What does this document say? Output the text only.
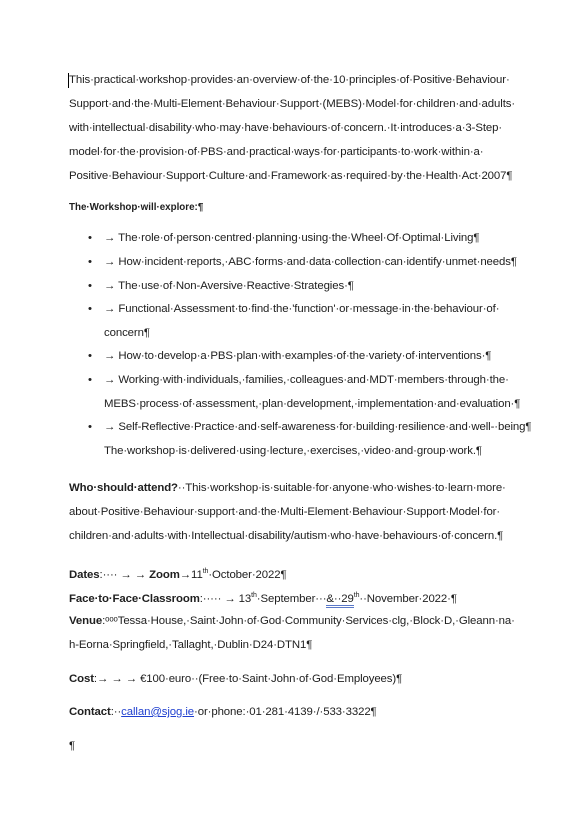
This·practical·workshop·provides·an·overview·of·the·10·principles·of·Positive·Behaviour·
Support·and·the·Multi-Element·Behaviour·Support·(MEBS)·Model·for·children·and·adults·
with·intellectual·disability·who·may·have·behaviours·of·concern.·It·introduces·a·3-Step·
model·for·the·provision·of·PBS·and·practical·ways·for·participants·to·work·within·a·
Positive·Behaviour·Support·Culture·and·Framework·as·required·by·the·Health·Act·2007¶
The·Workshop·will·explore:¶
• → The·role·of·person·centred·planning·using·the·Wheel·Of·Optimal·Living¶
• → How·incident·reports,·ABC·forms·and·data·collection·can·identify·unmet·needs¶
• → The·use·of·Non-Aversive·Reactive·Strategies·¶
• → Functional·Assessment·to·find·the·'function'·or·message·in·the·behaviour·of·
concern¶
• → How·to·develop·a·PBS·plan·with·examples·of·the·variety·of·interventions·¶
• → Working·with·individuals,·families,·colleagues·and·MDT·members·through·the·
MEBS·process·of·assessment,·plan·development,·implementation·and·evaluation·¶
• → Self-Reflective·Practice·and·self-awareness·for·building·resilience·and·well-·being¶
The·workshop·is·delivered·using·lecture,·exercises,·video·and·group·work.¶
Who·should·attend?··This·workshop·is·suitable·for·anyone·who·wishes·to·learn·more·
about·Positive·Behaviour·support·and·the·Multi-Element·Behaviour·Support·Model·for·
children·and·adults·with·Intellectual·disability/autism·who·have·behaviours·of·concern.¶
Dates:···· → → Zoom→11th·October·2022¶
Face·to·Face·Classroom:····· → 13th·September···&··29th··November·2022·¶
Venue:ᵒᵒᵒTessa·House,·Saint·John·of·God·Community·Services·clg,·Block·D,·Gleann·na·
h-Eorna·Springfield,·Tallaght,·Dublin·D24·DTN1¶
Cost:→ → → €100·euro··(Free·to·Saint·John·of·God·Employees)¶
Contact:··callan@sjog.ie·or·phone:·01·281·4139·/·533·3322¶
¶
